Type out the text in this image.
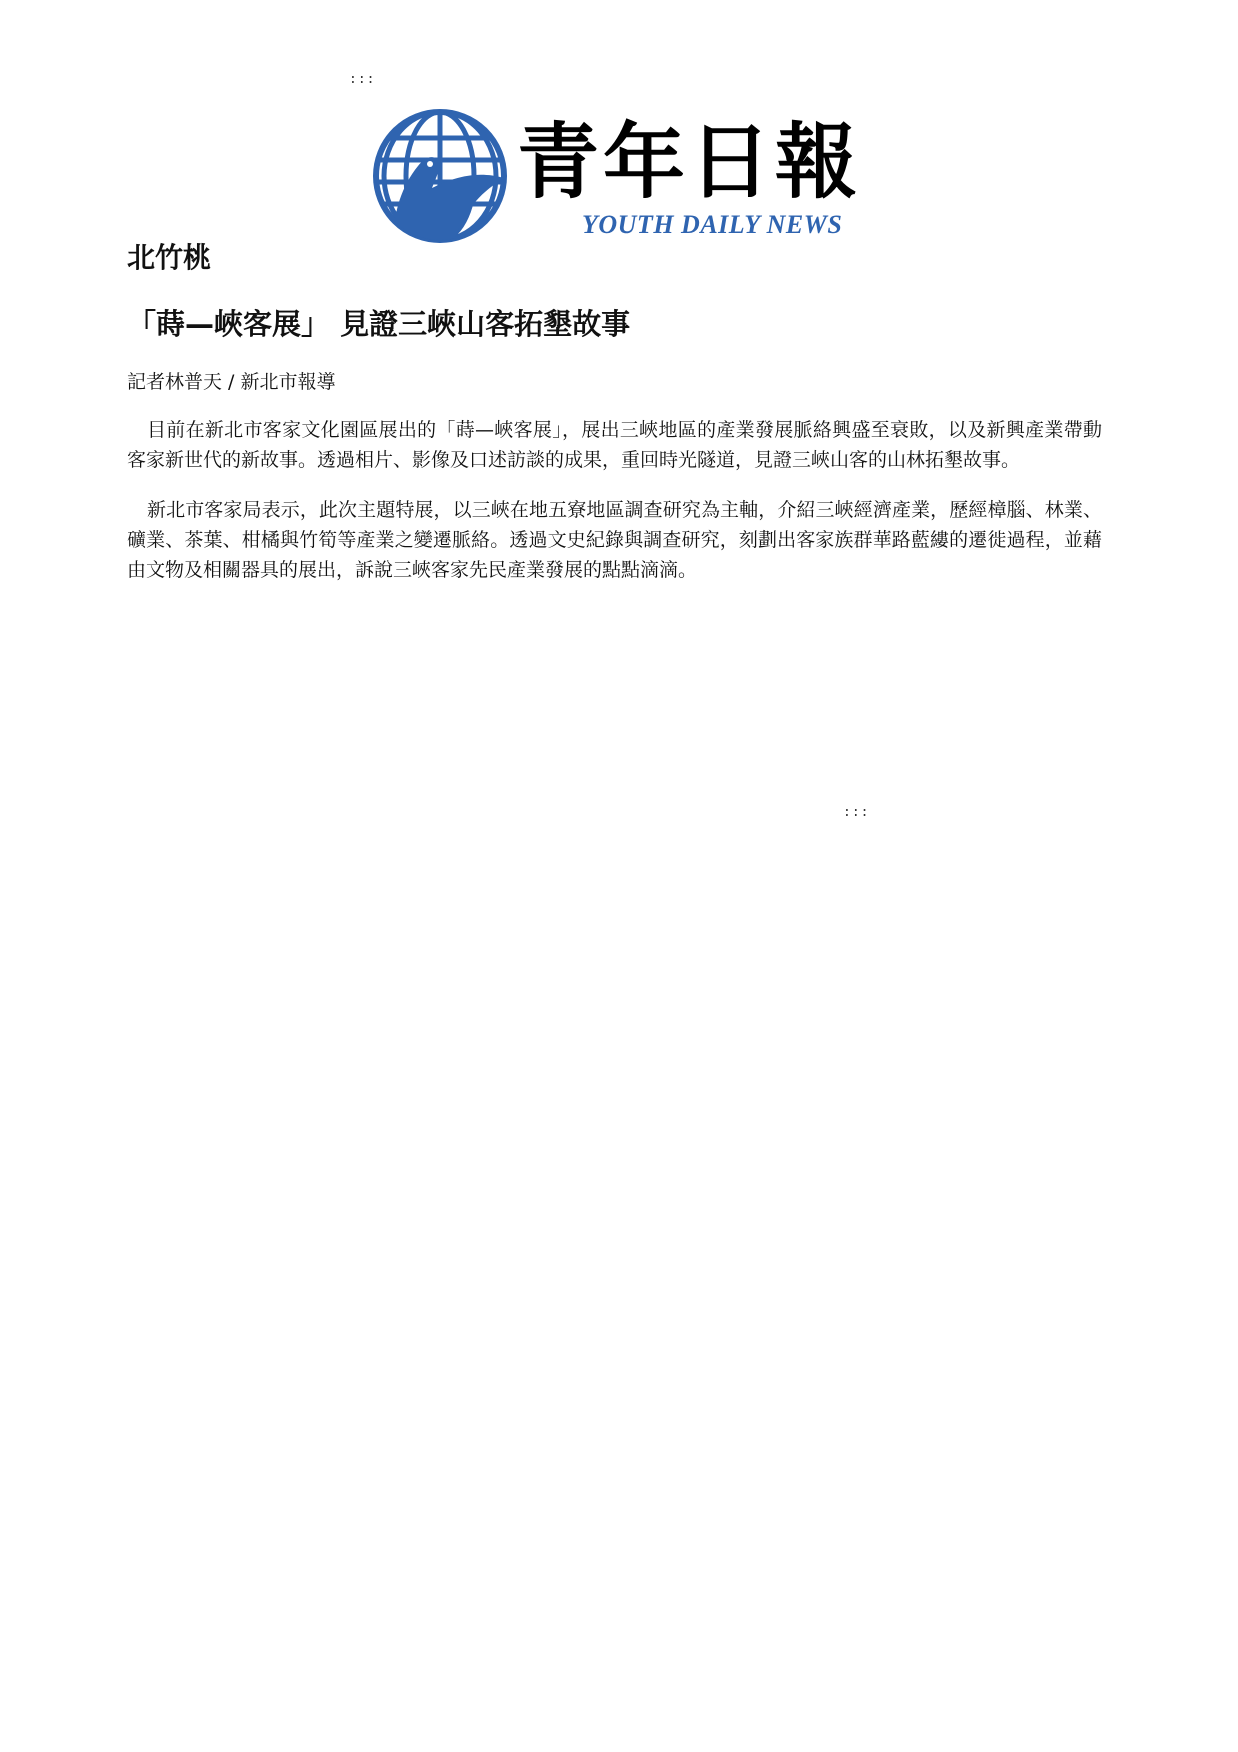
:::
青年日報
YOUTH DAILY NEWS
北竹桃
「蒔—峽客展」 見證三峽山客拓墾故事

記者林普天 / 新北市報導

目前在新北市客家文化園區展出的「蒔—峽客展」，展出三峽地區的產業發展脈絡興盛至衰敗，以及新興產業帶動客家新世代的新故事。透過相片、影像及口述訪談的成果，重回時光隧道，見證三峽山客的山林拓墾故事。

新北市客家局表示，此次主題特展，以三峽在地五寮地區調查研究為主軸，介紹三峽經濟產業，歷經樟腦、林業、礦業、茶葉、柑橘與竹筍等產業之變遷脈絡。透過文史紀錄與調查研究，刻劃出客家族群華路藍縷的遷徙過程，並藉由文物及相關器具的展出，訴說三峽客家先民產業發展的點點滴滴。

:::
